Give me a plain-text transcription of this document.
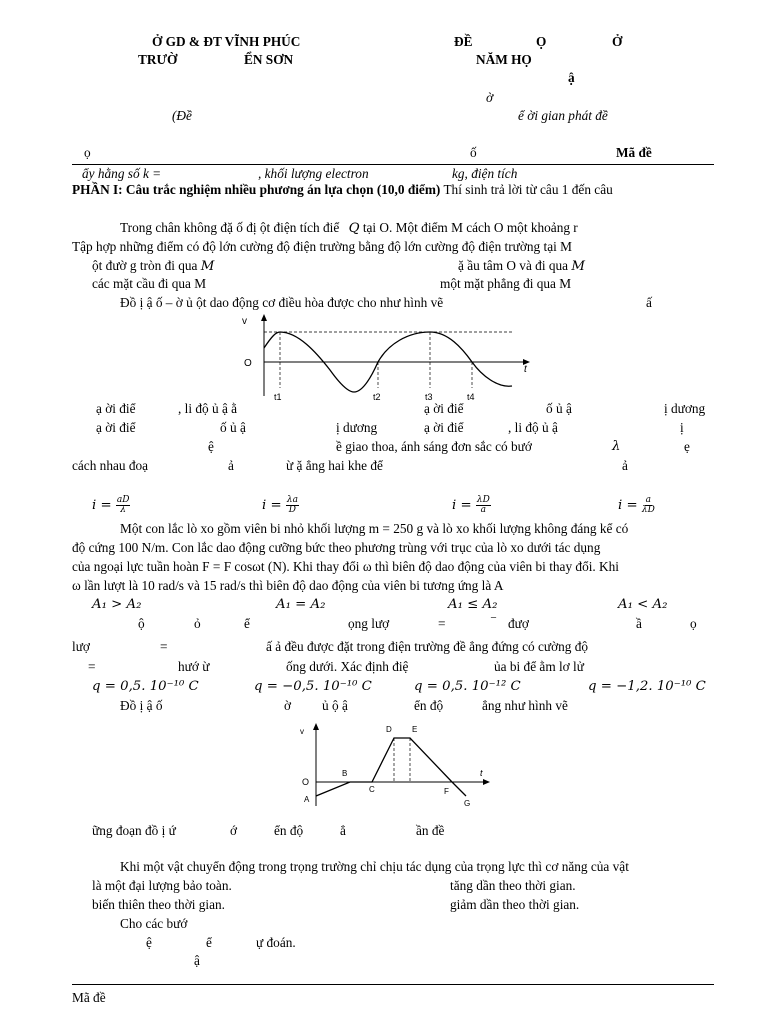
Ở GD & ĐT VĨNH PHÚC
TRƯỜ	ỂN SƠN
ĐỀ	Ọ	Ở
NĂM HỌ
ậ
ờ
(Đề	ể ời gian phát đề
ọ	ố	Mã đề
ẩy hằng số k =	, khối lượng electron	kg, điện tích
PHẦN I: Câu trắc nghiệm nhiều phương án lựa chọn (10,0 điểm) Thí sinh trả lời từ câu 1 đến câu
Trong chân không đặ ố đị ột điện tích điể Q tại O. Một điểm M cách O một khoảng r
Tập hợp những điểm có độ lớn cường độ điện trường bằng độ lớn cường độ điện trường tại M
ột đườ g tròn đi qua M	ặ ầu tâm O và đi qua M
các mặt cầu đi qua M	một mặt phẳng đi qua M
Đồ ị ậ ố – ờ ủ ột dao động cơ điều hòa được cho như hình vẽ	ấ
v
O
t
t1	t2	t3	t4
ạ ời điể	, li độ ủ ậ ằ	ạ ời điể	ố ủ ậ	ị dương
ạ ời điể	ố ủ ậ	ị dương	ạ ời điể	, li độ ủ ậ	ị
ệ	ề giao thoa, ánh sáng đơn sắc có bướ	λ	ẹ
cách nhau đoạ	ả	ừ ặ ẳng hai khe để	ả
$i = \frac{aD}{\lambda}$	$i = \frac{\lambda a}{D}$	$i = \frac{\lambda D}{a}$	$i = \frac{a}{\lambda D}$
Một con lắc lò xo gồm viên bi nhỏ khối lượng m = 250 g và lò xo khối lượng không đáng kể có
độ cứng 100 N/m. Con lắc dao động cưỡng bức theo phương trùng với trục của lò xo dưới tác dụng
của ngoại lực tuần hoàn F = F cosωt (N). Khi thay đổi ω thì biên độ dao động của viên bi thay đổi. Khi
ω lần lượt là 10 rad/s và 15 rad/s thì biên độ dao động của viên bi tương ứng là A
A₁ > A₂	A₁ = A₂	A₁ ≤ A₂	A₁ < A₂
ộ	ỏ	ể	ọng lượ	=	⁻ đượ	ầ	ọ
lượ	=	ấ ả đều được đặt trong điện trường đề ẳng đứng có cường độ
=	hướ ừ	ống dưới. Xác định điệ	ủa bi để ằm lơ lử
q = 0,5. 10⁻¹⁰ C	q = −0,5. 10⁻¹⁰ C	q = 0,5. 10⁻¹² C	q = −1,2. 10⁻¹⁰ C
Đồ ị ậ ố	ờ ủ ộ ậ	ển độ	ẳng như hình vẽ
v
O
t
A
B
C
D	E
F
G
ững đoạn đồ ị ứ	ớ	ển độ	ẳ	ần đề
Khi một vật chuyển động trong trọng trường chỉ chịu tác dụng của trọng lực thì cơ năng của vật
là một đại lượng bảo toàn.	tăng dần theo thời gian.
biến thiên theo thời gian.	giảm dần theo thời gian.
Cho các bướ
ệ	ể	ự đoán.
ậ
Mã đề
